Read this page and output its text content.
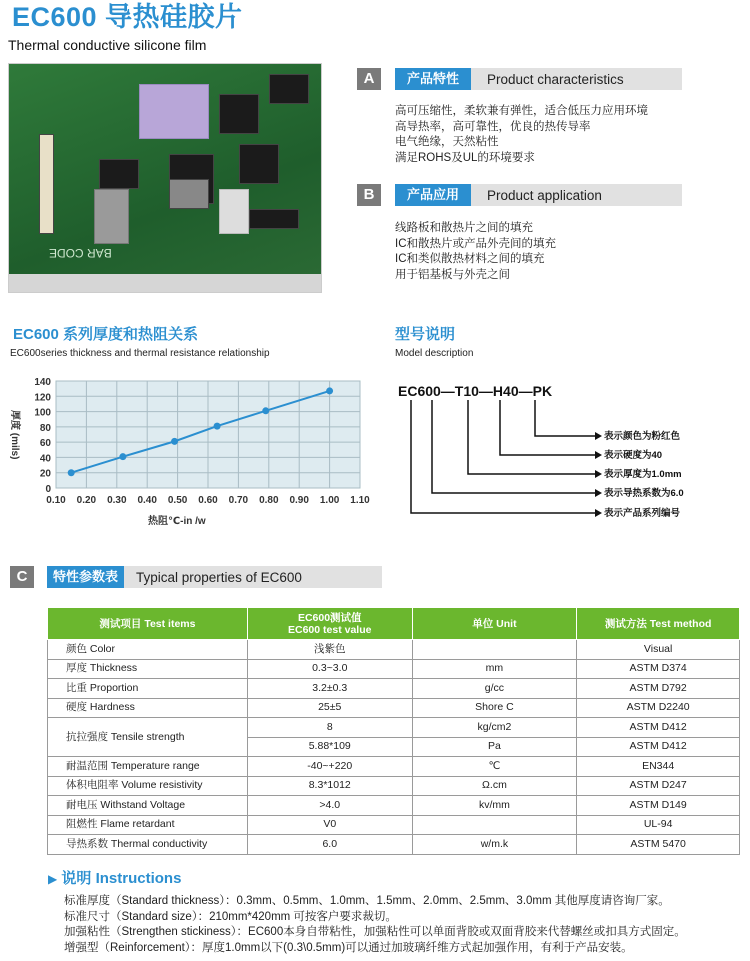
EC600 导热硅胶片
Thermal conductive silicone film
BAR CODE
A	产品特性	Product characteristics
高可压缩性，柔软兼有弹性，适合低压力应用环境
高导热率，高可靠性，优良的热传导率
电气绝缘，天然粘性
满足ROHS及UL的环境要求
B	产品应用	Product application
线路板和散热片之间的填充
IC和散热片或产品外壳间的填充
IC和类似散热材料之间的填充
用于铝基板与外壳之间
EC600 系列厚度和热阻关系
EC600series thickness and thermal resistance relationship
0.10 0.20 0.30 0.40 0.50 0.60 0.70 0.80 0.90 1.00 1.10
0
20
40
60
80
100
120
140
厚度 (mils)
热阻℃-in /w
型号说明
Model description
EC600—T10—H40—PK
表示颜色为粉红色
表示硬度为40
表示厚度为1.0mm
表示导热系数为6.0
表示产品系列编号
C	特性参数表	Typical properties of EC600
测试项目 Test items	EC600测试值
EC600 test value	单位 Unit	测试方法 Test method
颜色 Color	浅紫色		Visual
厚度 Thickness	0.3~3.0	mm	ASTM D374
比重 Proportion	3.2±0.3	g/cc	ASTM D792
硬度 Hardness	25±5	Shore C	ASTM D2240
抗拉强度 Tensile strength	8	kg/cm2	ASTM D412
	5.88*109	Pa	ASTM D412
耐温范围 Temperature range	-40~+220	℃	EN344
体积电阻率 Volume resistivity	8.3*1012	Ω.cm	ASTM D247
耐电压 Withstand Voltage	>4.0	kv/mm	ASTM D149
阻燃性 Flame retardant	V0		UL-94
导热系数 Thermal conductivity	6.0	w/m.k	ASTM 5470
▶ 说明 Instructions
标准厚度（Standard thickness）：0.3mm、0.5mm、1.0mm、1.5mm、2.0mm、2.5mm、3.0mm 其他厚度请咨询厂家。
标准尺寸（Standard size）：210mm*420mm 可按客户要求裁切。
加强粘性（Strengthen stickiness）：EC600本身自带粘性，加强粘性可以单面背胶或双面背胶来代替螺丝或扣具方式固定。
增强型（Reinforcement）：厚度1.0mm以下(0.3\0.5mm)可以通过加玻璃纤维方式起加强作用，有利于产品安装。
